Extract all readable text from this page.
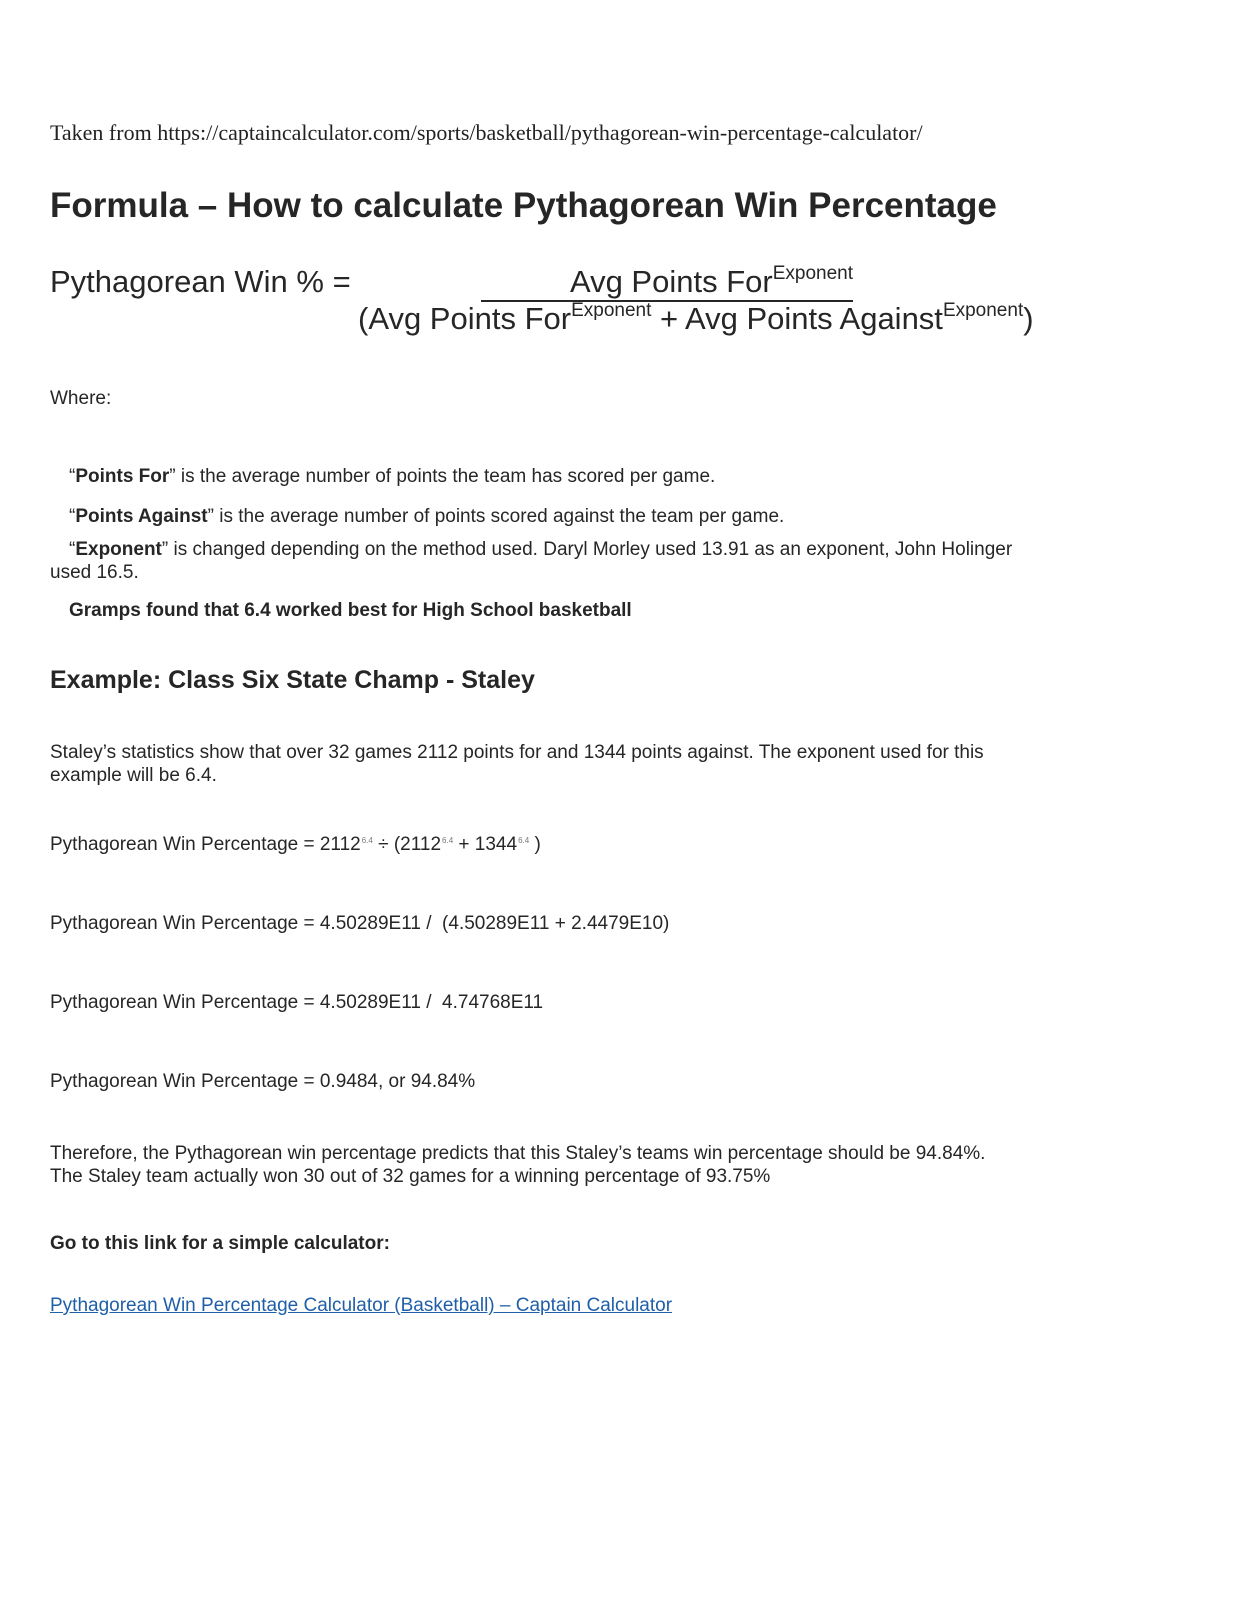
Taken from https://captaincalculator.com/sports/basketball/pythagorean-win-percentage-calculator/
Formula – How to calculate Pythagorean Win Percentage
Pythagorean Win % =	Avg Points For$^{Exponent}$
(Avg Points For$^{Exponent}$ + Avg Points Against$^{Exponent}$)
Where:
“Points For” is the average number of points the team has scored per game.
“Points Against” is the average number of points scored against the team per game.
“Exponent” is changed depending on the method used. Daryl Morley used 13.91 as an exponent, John Holinger
used 16.5.
Gramps found that 6.4 worked best for High School basketball
Example: Class Six State Champ - Staley
Staley’s statistics show that over 32 games 2112 points for and 1344 points against. The exponent used for this
example will be 6.4.
Pythagorean Win Percentage = $2112^{6.4} \div (2112^{6.4} + 1344^{6.4}$ )
Pythagorean Win Percentage = 4.50289E11 /  (4.50289E11 + 2.4479E10)
Pythagorean Win Percentage = 4.50289E11 /  4.74768E11
Pythagorean Win Percentage = 0.9484, or 94.84%
Therefore, the Pythagorean win percentage predicts that this Staley’s teams win percentage should be 94.84%.
The Staley team actually won 30 out of 32 games for a winning percentage of 93.75%
Go to this link for a simple calculator:
Pythagorean Win Percentage Calculator (Basketball) – Captain Calculator
